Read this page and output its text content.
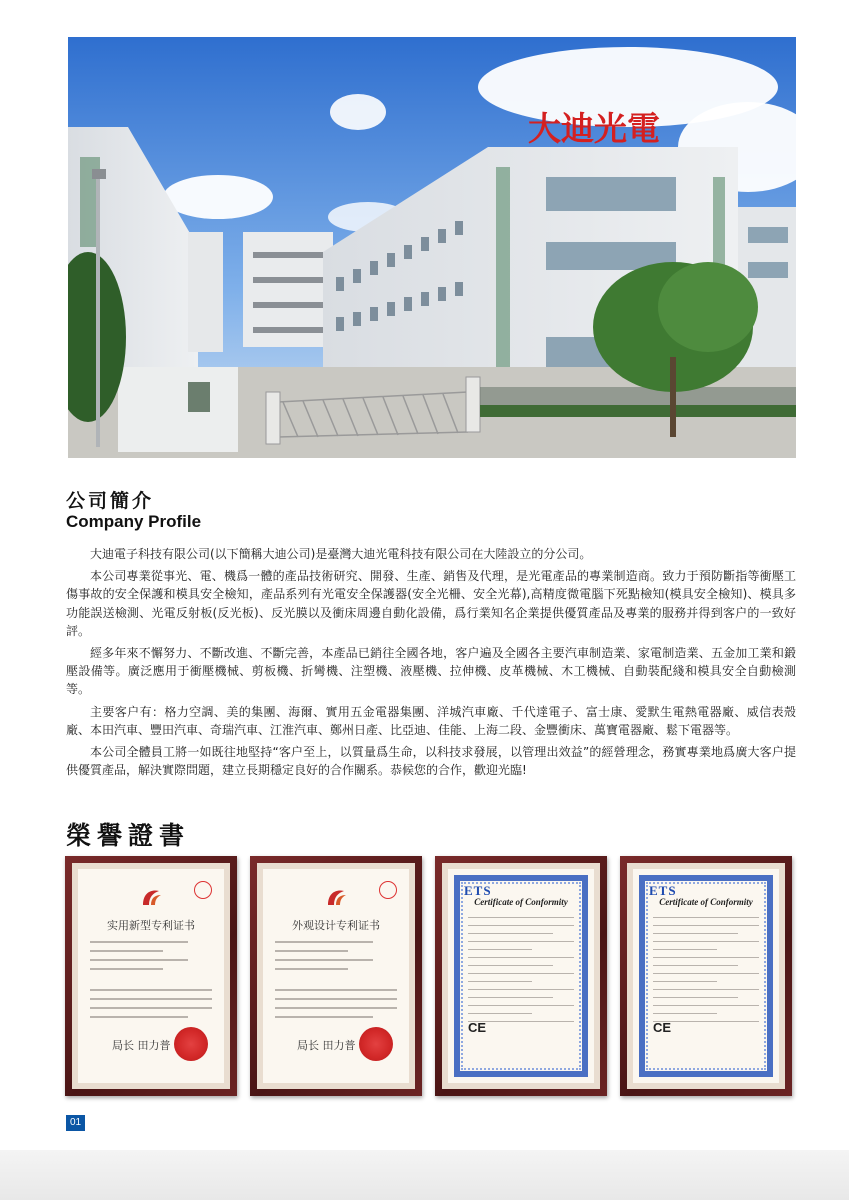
大迪光電
公司簡介
Company Profile

大迪電子科技有限公司(以下簡稱大迪公司)是臺灣大迪光電科技有限公司在大陸設立的分公司。

本公司專業從事光、電、機爲一體的產品技術研究、開發、生產、銷售及代理，是光電產品的專業制造商。致力于預防斷指等衝壓工傷事故的安全保護和模具安全檢知，產品系列有光電安全保護器(安全光柵、安全光幕),高精度微電腦下死點檢知(模具安全檢知)、模具多功能誤送檢測、光電反射板(反光板)、反光膜以及衝床周邊自動化設備，爲行業知名企業提供優質產品及專業的服務并得到客户的一致好評。

經多年來不懈努力、不斷改進、不斷完善，本產品已銷往全國各地，客户遍及全國各主要汽車制造業、家電制造業、五金加工業和鍛壓設備等。廣泛應用于衝壓機械、剪板機、折彎機、注塑機、液壓機、拉伸機、皮革機械、木工機械、自動裝配綫和模具安全自動檢測等。

主要客户有：格力空調、美的集團、海爾、實用五金電器集團、洋城汽車廠、千代達電子、富士康、愛默生電熱電器廠、威信表殼廠、本田汽車、豐田汽車、奇瑞汽車、江淮汽車、鄭州日產、比亞迪、佳能、上海二段、金豐衝床、萬寶電器廠、鬆下電器等。

本公司全體員工將一如既往地堅持“客户至上，以質量爲生命，以科技求發展，以管理出效益”的經營理念，務實專業地爲廣大客户提供優質產品，解決實際問題，建立長期穩定良好的合作關系。恭候您的合作，歡迎光臨!

榮譽證書
实用新型专利证书
局长 田力普
外观设计专利证书
局长 田力普
ETS
Certificate of Conformity
CE
ETS
Certificate of Conformity
CE
01
